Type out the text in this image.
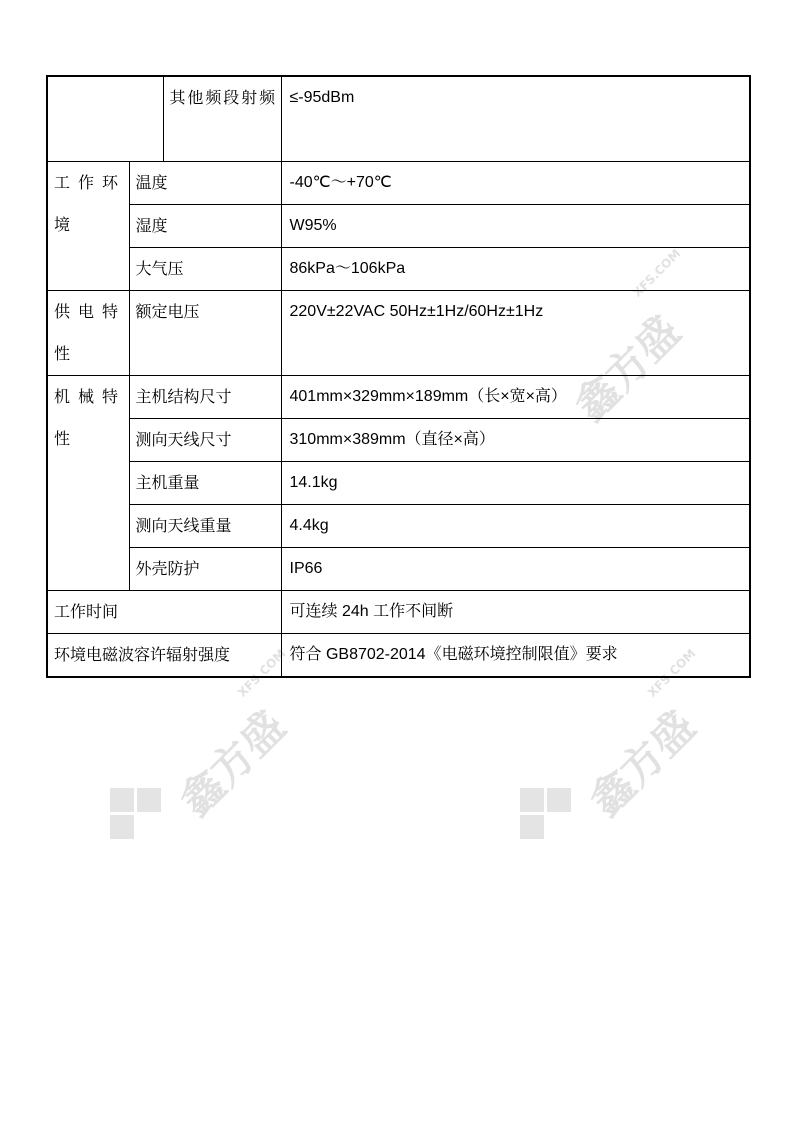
鑫方盛
XFS.COM
鑫方盛
XFS.COM
鑫方盛
XFS.COM
		其他频段射频	≤-95dBm
工作环境	温度		-40℃～+70℃
	湿度		W95%
	大气压		86kPa〜106kPa
供电特性	额定电压		220V±22VAC 50Hz±1Hz/60Hz±1Hz
机械特性	主机结构尺寸		401mm×329mm×189mm（长×宽×高）
	测向天线尺寸		310mm×389mm（直径×高）
	主机重量		14.1kg
	测向天线重量		4.4kg
	外壳防护		IP66
工作时间			可连续 24h 工作不间断
环境电磁波容许辐射强度			符合 GB8702-2014《电磁环境控制限值》要求
